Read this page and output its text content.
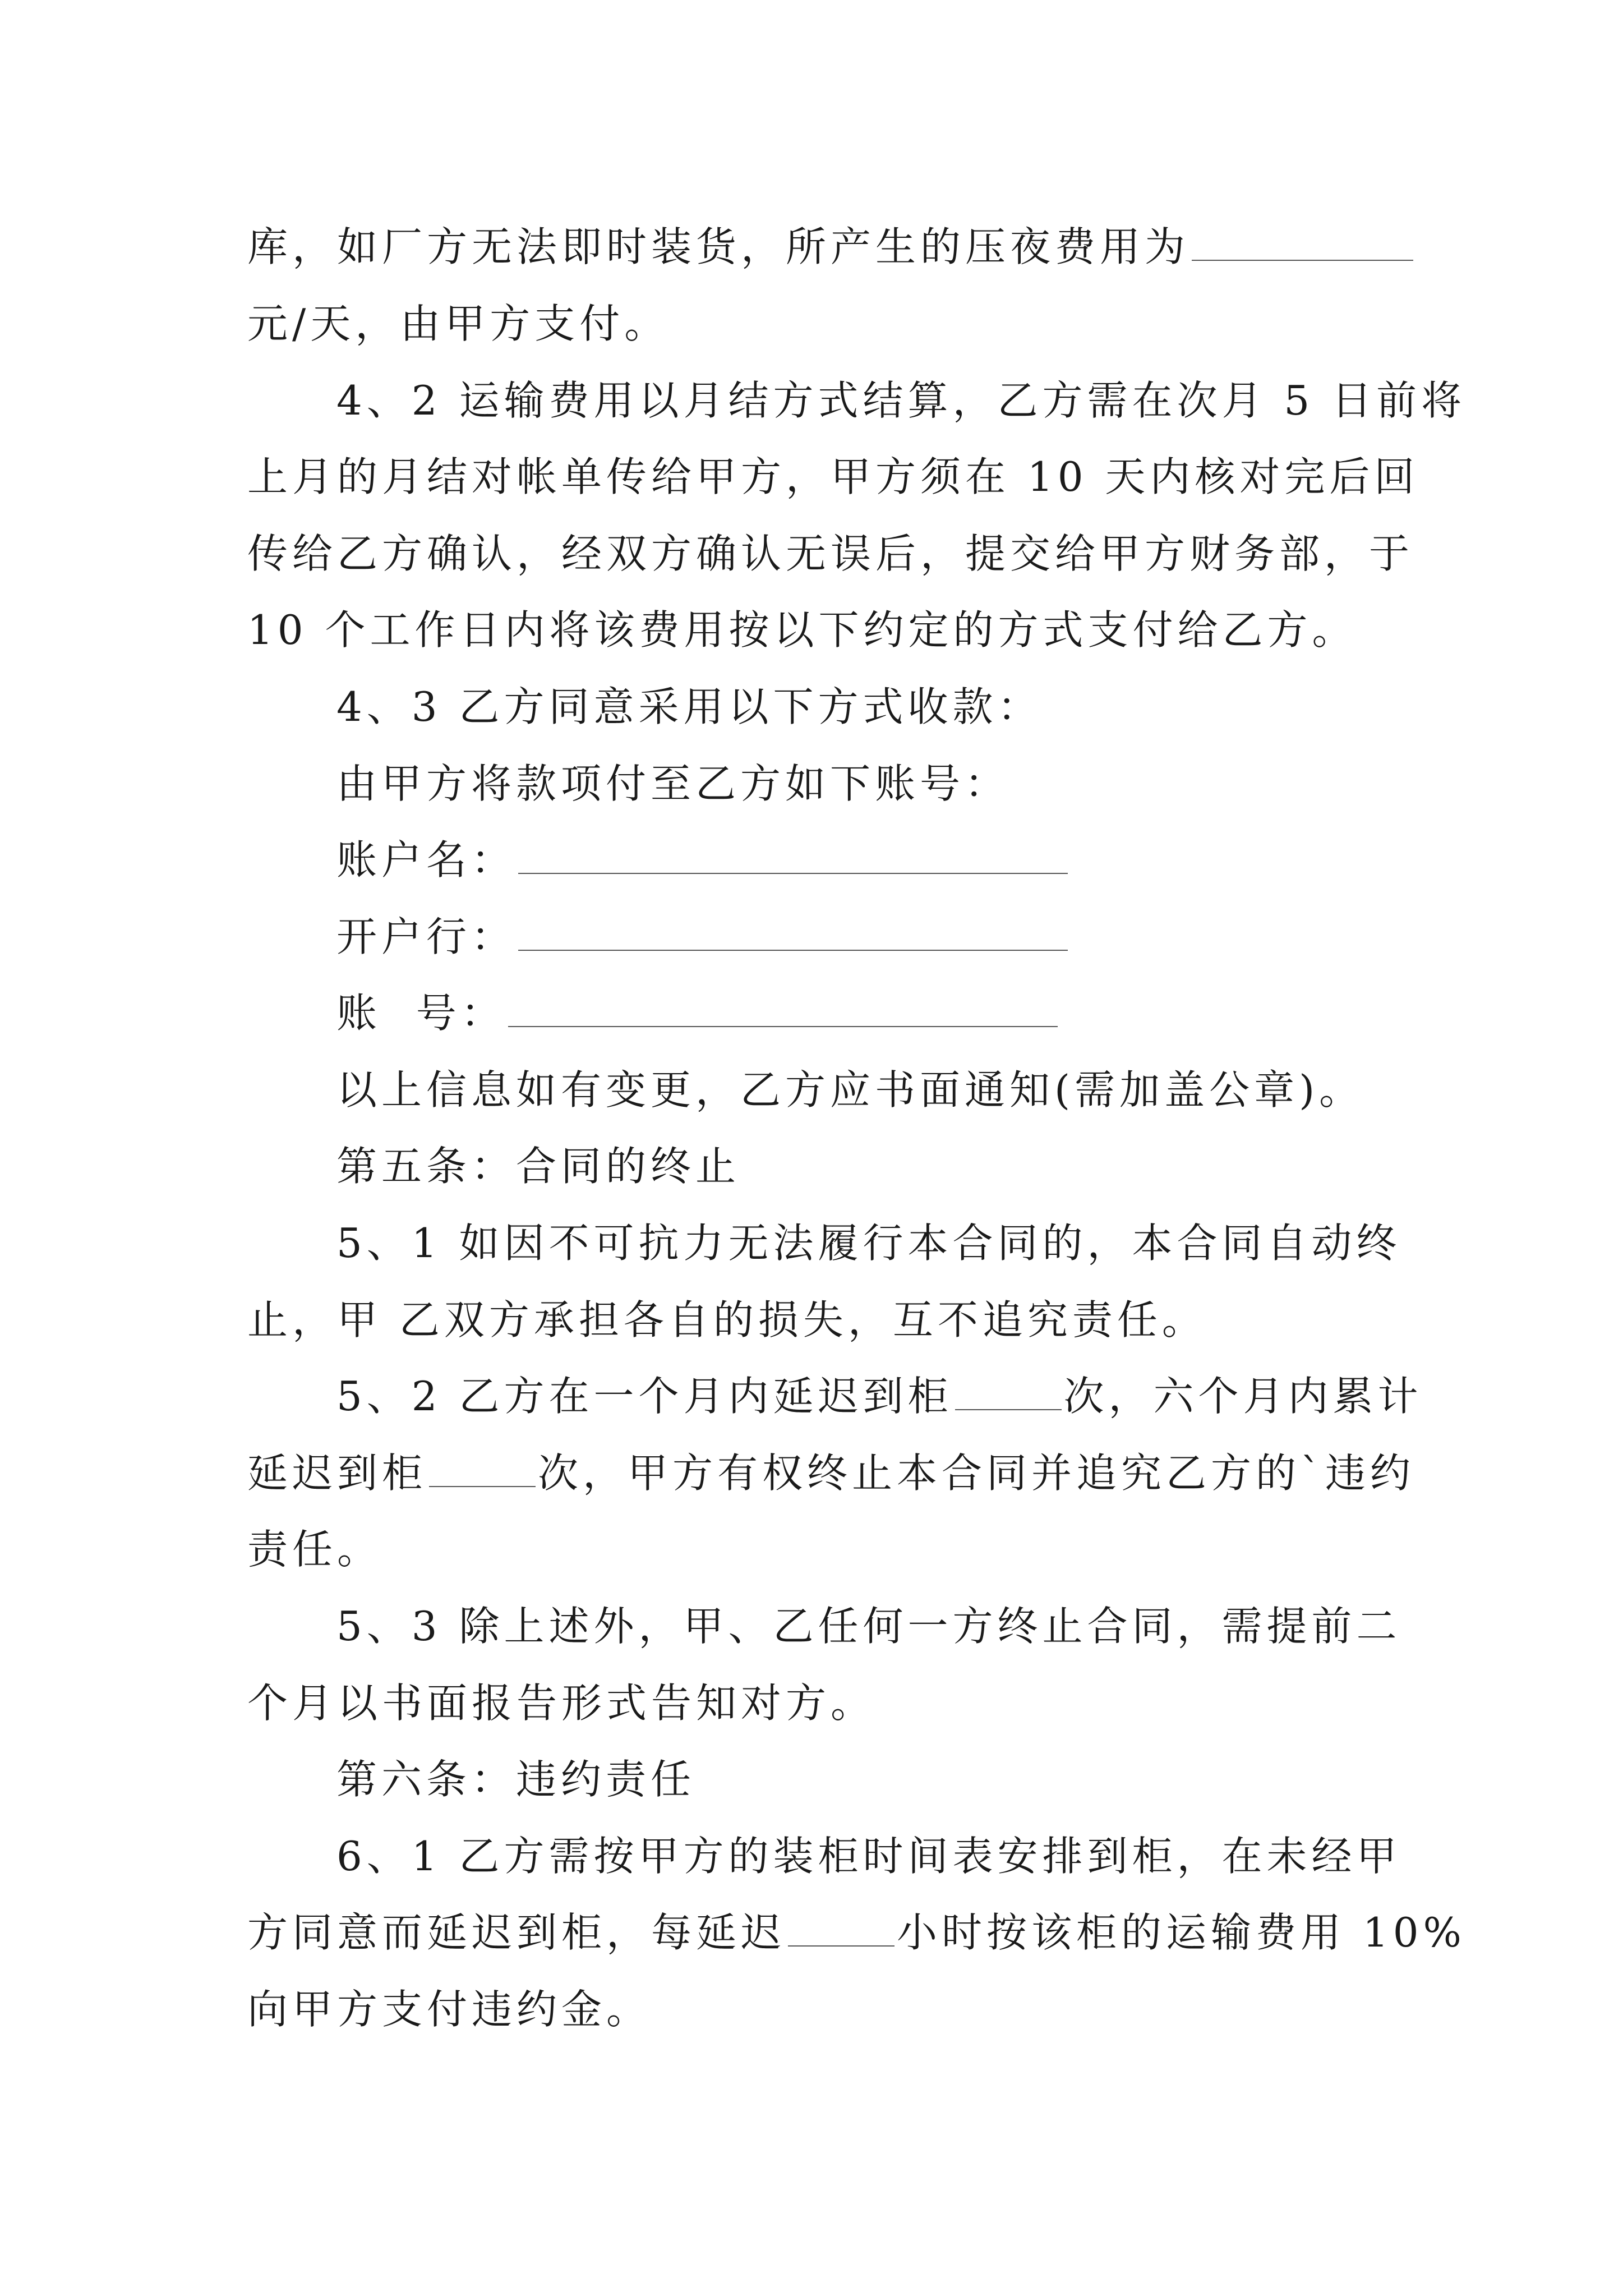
库，如厂方无法即时装货，所产生的压夜费用为
元/天，由甲方支付。
4、2 运输费用以月结方式结算，乙方需在次月 5 日前将
上月的月结对帐单传给甲方，甲方须在 10 天内核对完后回
传给乙方确认，经双方确认无误后，提交给甲方财务部，于
10 个工作日内将该费用按以下约定的方式支付给乙方。
4、3 乙方同意采用以下方式收款：
由甲方将款项付至乙方如下账号：
账户名：
开户行：
账  号：
以上信息如有变更，乙方应书面通知(需加盖公章)。
第五条：合同的终止
5、1 如因不可抗力无法履行本合同的，本合同自动终
止，甲 乙双方承担各自的损失，互不追究责任。
5、2 乙方在一个月内延迟到柜	次，六个月内累计
延迟到柜	次，甲方有权终止本合同并追究乙方的`违约
责任。
5、3 除上述外，甲、乙任何一方终止合同，需提前二
个月以书面报告形式告知对方。
第六条：违约责任
6、1 乙方需按甲方的装柜时间表安排到柜，在未经甲
方同意而延迟到柜，每延迟	小时按该柜的运输费用 10%
向甲方支付违约金。
